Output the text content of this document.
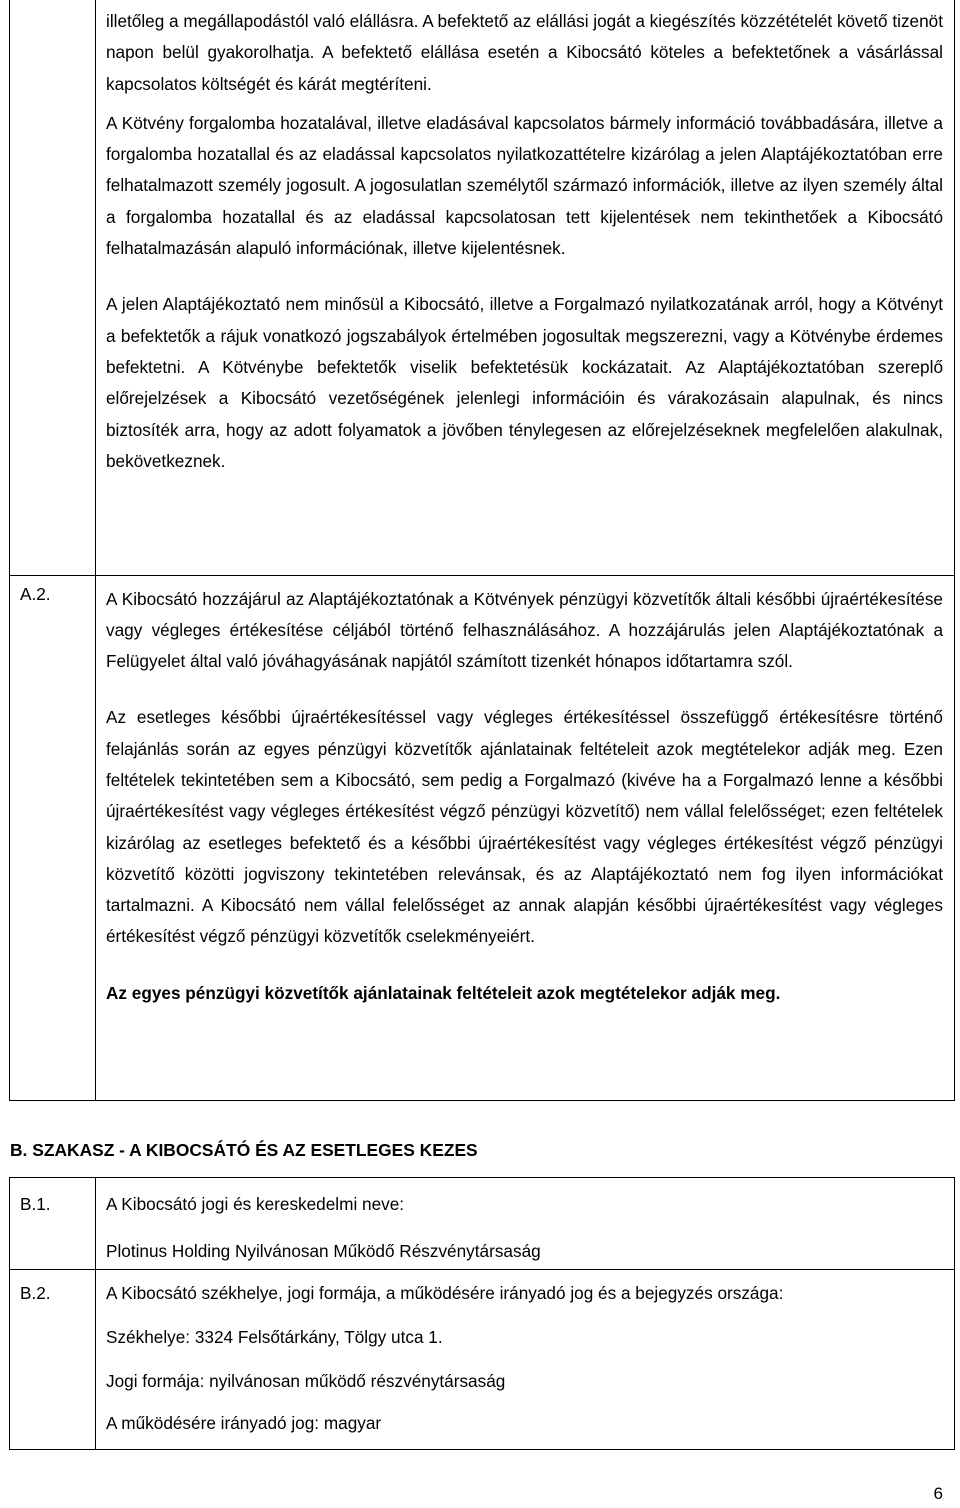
	illetőleg a megállapodástól való elállásra. A befektető az elállási jogát a kiegészítés közzétételét követő tizenöt napon belül gyakorolhatja. A befektető elállása esetén a Kibocsátó köteles a befektetőnek a vásárlással kapcsolatos költségét és kárát megtéríteni.

A Kötvény forgalomba hozatalával, illetve eladásával kapcsolatos bármely információ továbbadására, illetve a forgalomba hozatallal és az eladással kapcsolatos nyilatkozattételre kizárólag a jelen Alaptájékoztatóban erre felhatalmazott személy jogosult. A jogosulatlan személytől származó információk, illetve az ilyen személy által a forgalomba hozatallal és az eladással kapcsolatosan tett kijelentések nem tekinthetőek a Kibocsátó felhatalmazásán alapuló információnak, illetve kijelentésnek.

A jelen Alaptájékoztató nem minősül a Kibocsátó, illetve a Forgalmazó nyilatkozatának arról, hogy a Kötvényt a befektetők a rájuk vonatkozó jogszabályok értelmében jogosultak megszerezni, vagy a Kötvénybe érdemes befektetni. A Kötvénybe befektetők viselik befektetésük kockázatait. Az Alaptájékoztatóban szereplő előrejelzések a Kibocsátó vezetőségének jelenlegi információin és várakozásain alapulnak, és nincs biztosíték arra, hogy az adott folyamatok a jövőben ténylegesen az előrejelzéseknek megfelelően alakulnak, bekövetkeznek.

A.2.	A Kibocsátó hozzájárul az Alaptájékoztatónak a Kötvények pénzügyi közvetítők általi későbbi újraértékesítése vagy végleges értékesítése céljából történő felhasználásához. A hozzájárulás jelen Alaptájékoztatónak a Felügyelet által való jóváhagyásának napjától számított tizenkét hónapos időtartamra szól.

Az esetleges későbbi újraértékesítéssel vagy végleges értékesítéssel összefüggő értékesítésre történő felajánlás során az egyes pénzügyi közvetítők ajánlatainak feltételeit azok megtételekor adják meg. Ezen feltételek tekintetében sem a Kibocsátó, sem pedig a Forgalmazó (kivéve ha a Forgalmazó lenne a későbbi újraértékesítést vagy végleges értékesítést végző pénzügyi közvetítő) nem vállal felelősséget; ezen feltételek kizárólag az esetleges befektető és a későbbi újraértékesítést vagy végleges értékesítést végző pénzügyi közvetítő közötti jogviszony tekintetében relevánsak, és az Alaptájékoztató nem fog ilyen információkat tartalmazni. A Kibocsátó nem vállal felelősséget az annak alapján későbbi újraértékesítést vagy végleges értékesítést végző pénzügyi közvetítők cselekményeiért.

Az egyes pénzügyi közvetítők ajánlatainak feltételeit azok megtételekor adják meg.

B. SZAKASZ - A KIBOCSÁTÓ ÉS AZ ESETLEGES KEZES

B.1.	A Kibocsátó jogi és kereskedelmi neve:

Plotinus Holding Nyilvánosan Működő Részvénytársaság

B.2.	A Kibocsátó székhelye, jogi formája, a működésére irányadó jog és a bejegyzés országa:

Székhelye: 3324 Felsőtárkány, Tölgy utca 1.

Jogi formája: nyilvánosan működő részvénytársaság

A működésére irányadó jog: magyar

6
